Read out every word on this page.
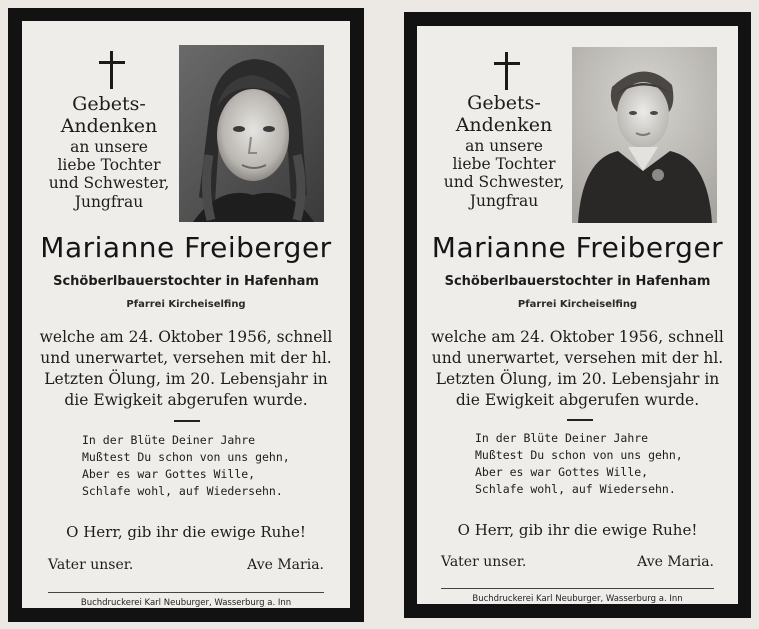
Gebets-
Andenken
an unsere
liebe Tochter
und Schwester,
Jungfrau
Marianne Freiberger
Schöberlbauerstochter in Hafenham
Pfarrei Kircheiselfing
welche am 24. Oktober 1956, schnell
und unerwartet, versehen mit der hl.
Letzten Ölung, im 20. Lebensjahr in
die Ewigkeit abgerufen wurde.
In der Blüte Deiner Jahre
Mußtest Du schon von uns gehn,
Aber es war Gottes Wille,
Schlafe wohl, auf Wiedersehn.
O Herr, gib ihr die ewige Ruhe!
Vater unser.	Ave Maria.
Buchdruckerei Karl Neuburger, Wasserburg a. Inn
Gebets-
Andenken
an unsere
liebe Tochter
und Schwester,
Jungfrau
Marianne Freiberger
Schöberlbauerstochter in Hafenham
Pfarrei Kircheiselfing
welche am 24. Oktober 1956, schnell
und unerwartet, versehen mit der hl.
Letzten Ölung, im 20. Lebensjahr in
die Ewigkeit abgerufen wurde.
In der Blüte Deiner Jahre
Mußtest Du schon von uns gehn,
Aber es war Gottes Wille,
Schlafe wohl, auf Wiedersehn.
O Herr, gib ihr die ewige Ruhe!
Vater unser.	Ave Maria.
Buchdruckerei Karl Neuburger, Wasserburg a. Inn
